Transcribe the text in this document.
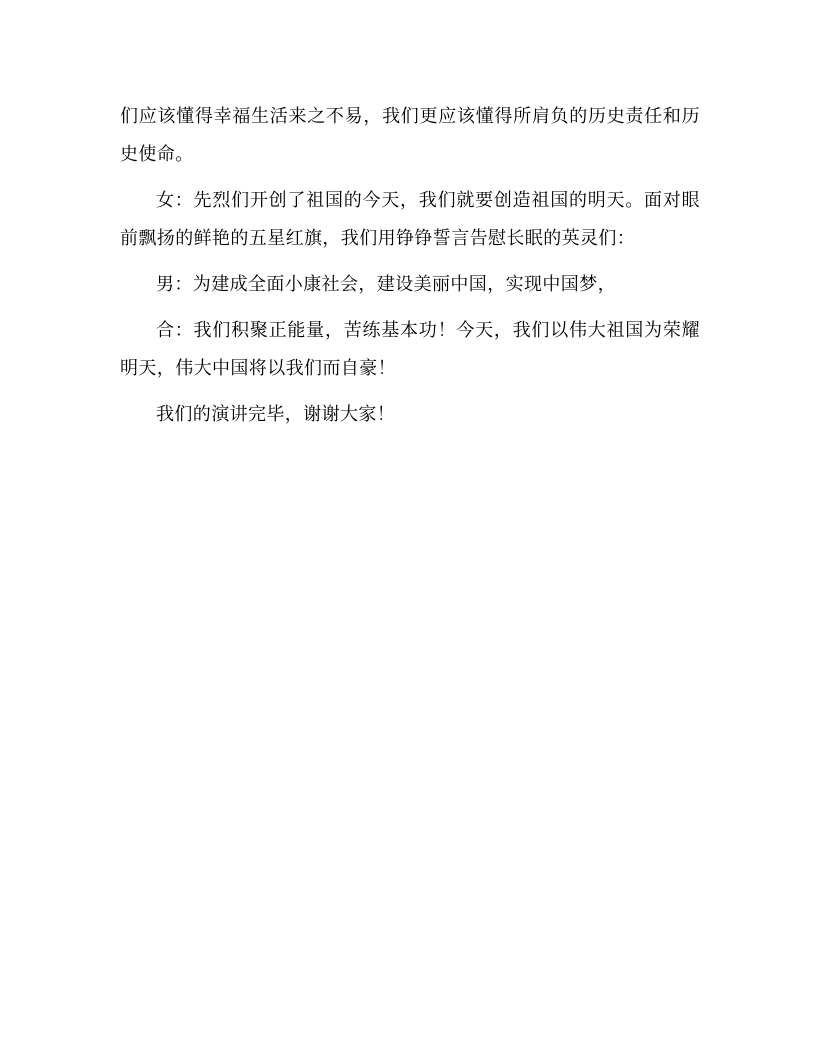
们应该懂得幸福生活来之不易，我们更应该懂得所肩负的历史责任和历史使命。

女：先烈们开创了祖国的今天，我们就要创造祖国的明天。面对眼前飘扬的鲜艳的五星红旗，我们用铮铮誓言告慰长眠的英灵们：

男：为建成全面小康社会，建设美丽中国，实现中国梦，

合：我们积聚正能量，苦练基本功！今天，我们以伟大祖国为荣耀明天，伟大中国将以我们而自豪！

我们的演讲完毕，谢谢大家！
